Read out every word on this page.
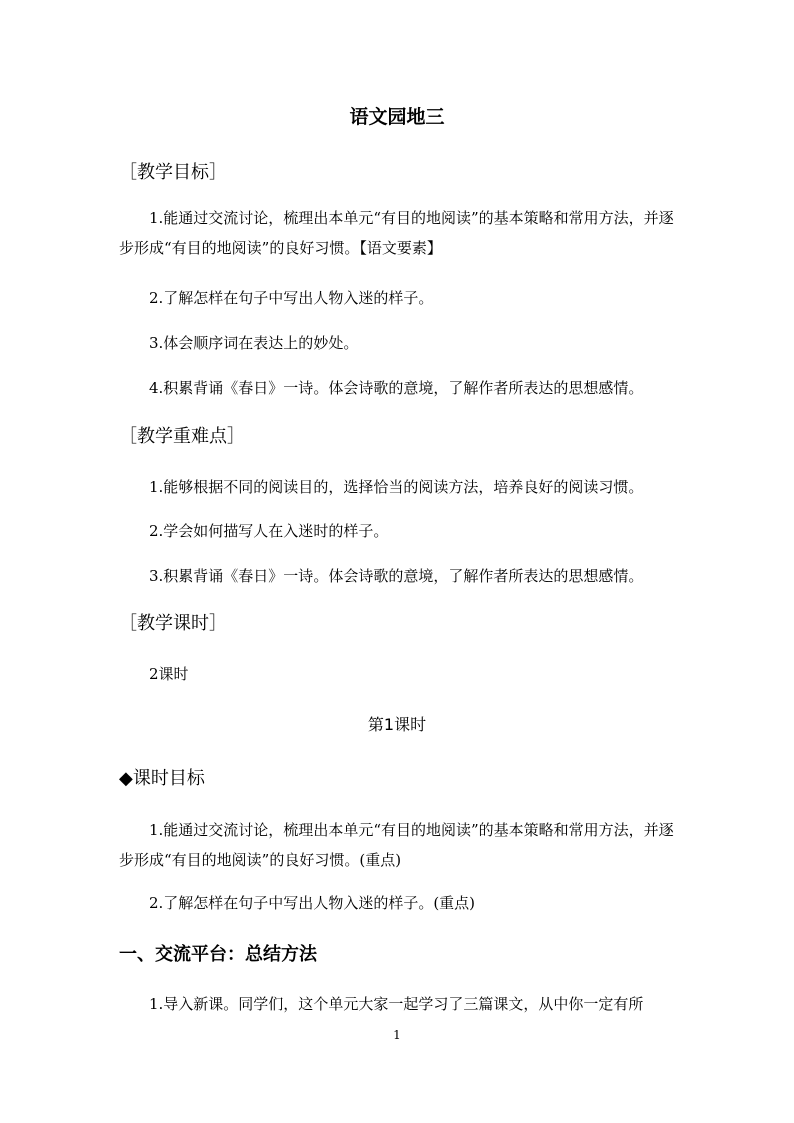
语文园地三
［教学目标］
1.能通过交流讨论，梳理出本单元“有目的地阅读”的基本策略和常用方法，并逐步形成“有目的地阅读”的良好习惯。【语文要素】
2.了解怎样在句子中写出人物入迷的样子。
3.体会顺序词在表达上的妙处。
4.积累背诵《春日》一诗。体会诗歌的意境，了解作者所表达的思想感情。
［教学重难点］
1.能够根据不同的阅读目的，选择恰当的阅读方法，培养良好的阅读习惯。
2.学会如何描写人在入迷时的样子。
3.积累背诵《春日》一诗。体会诗歌的意境，了解作者所表达的思想感情。
［教学课时］
2课时
第1课时
◆课时目标
1.能通过交流讨论，梳理出本单元“有目的地阅读”的基本策略和常用方法，并逐步形成“有目的地阅读”的良好习惯。(重点)
2.了解怎样在句子中写出人物入迷的样子。(重点)
一、交流平台：总结方法
1.导入新课。同学们，这个单元大家一起学习了三篇课文，从中你一定有所
1
